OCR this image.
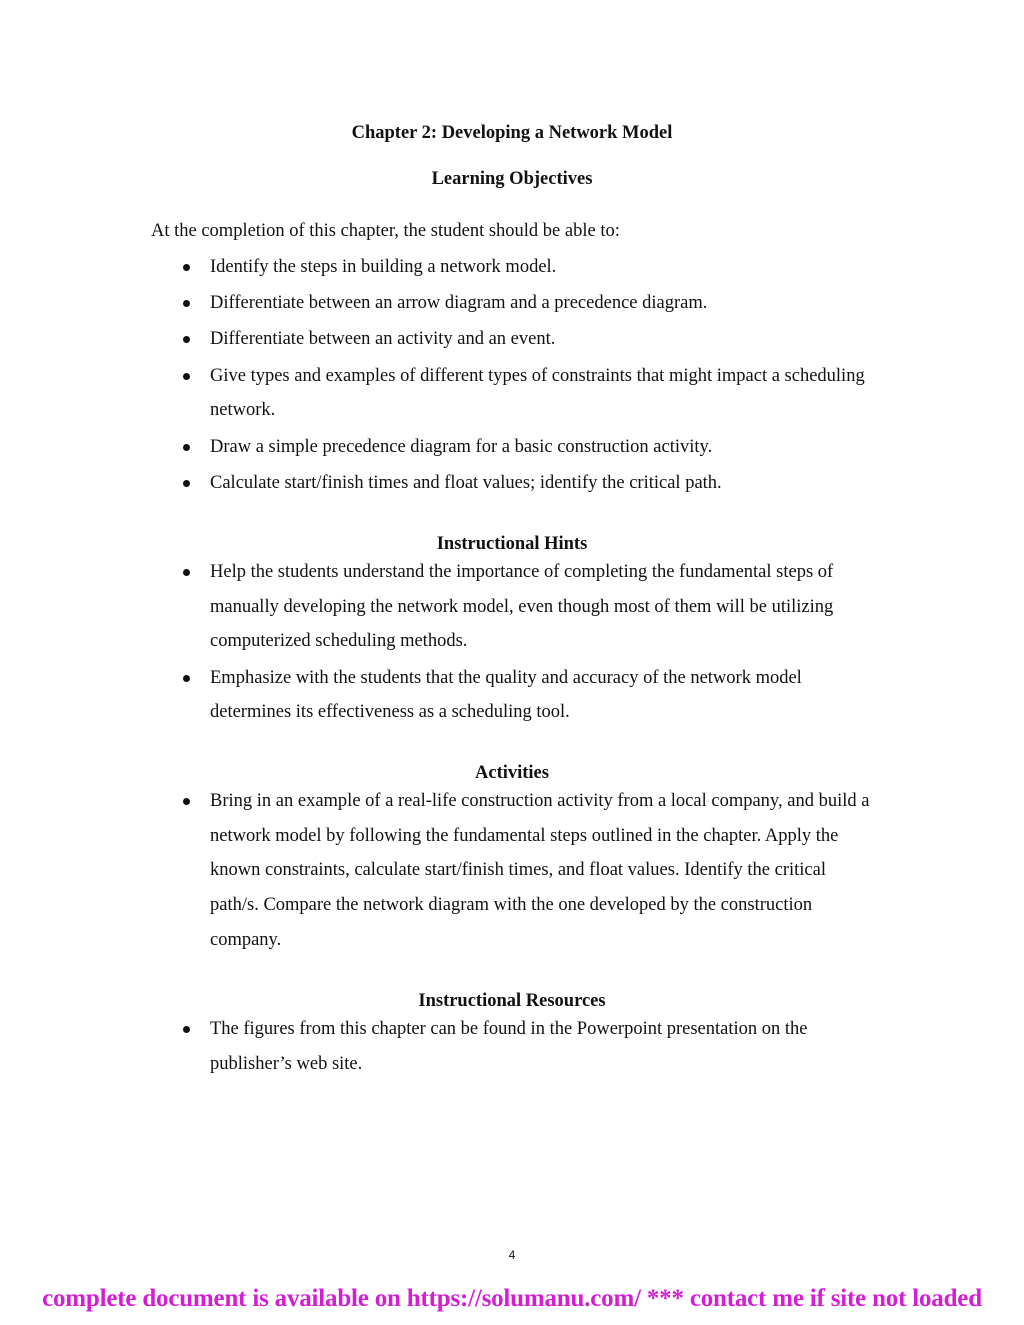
Chapter 2: Developing a Network Model
Learning Objectives
At the completion of this chapter, the student should be able to:
Identify the steps in building a network model.
Differentiate between an arrow diagram and a precedence diagram.
Differentiate between an activity and an event.
Give types and examples of different types of constraints that might impact a scheduling network.
Draw a simple precedence diagram for a basic construction activity.
Calculate start/finish times and float values; identify the critical path.
Instructional Hints
Help the students understand the importance of completing the fundamental steps of manually developing the network model, even though most of them will be utilizing computerized scheduling methods.
Emphasize with the students that the quality and accuracy of the network model determines its effectiveness as a scheduling tool.
Activities
Bring in an example of a real-life construction activity from a local company, and build a network model by following the fundamental steps outlined in the chapter. Apply the known constraints, calculate start/finish times, and float values. Identify the critical path/s. Compare the network diagram with the one developed by the construction company.
Instructional Resources
The figures from this chapter can be found in the Powerpoint presentation on the publisher’s web site.
4
complete document is available on https://solumanu.com/ *** contact me if site not loaded
